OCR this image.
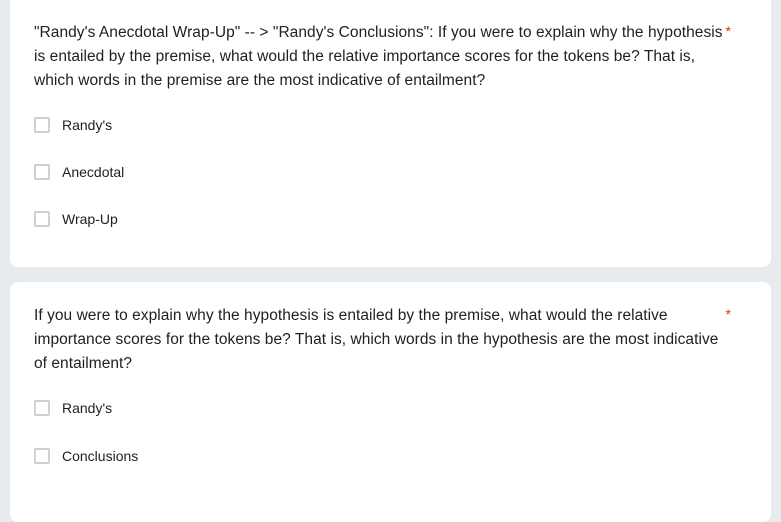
"Randy's Anecdotal Wrap-Up" -- > "Randy's Conclusions": If you were to explain why the hypothesis is entailed by the premise, what would the relative importance scores for the tokens be? That is, which words in the premise are the most indicative of entailment?
*
Randy's
Anecdotal
Wrap-Up
If you were to explain why the hypothesis is entailed by the premise, what would the relative importance scores for the tokens be? That is, which words in the hypothesis are the most indicative of entailment?
*
Randy's
Conclusions
